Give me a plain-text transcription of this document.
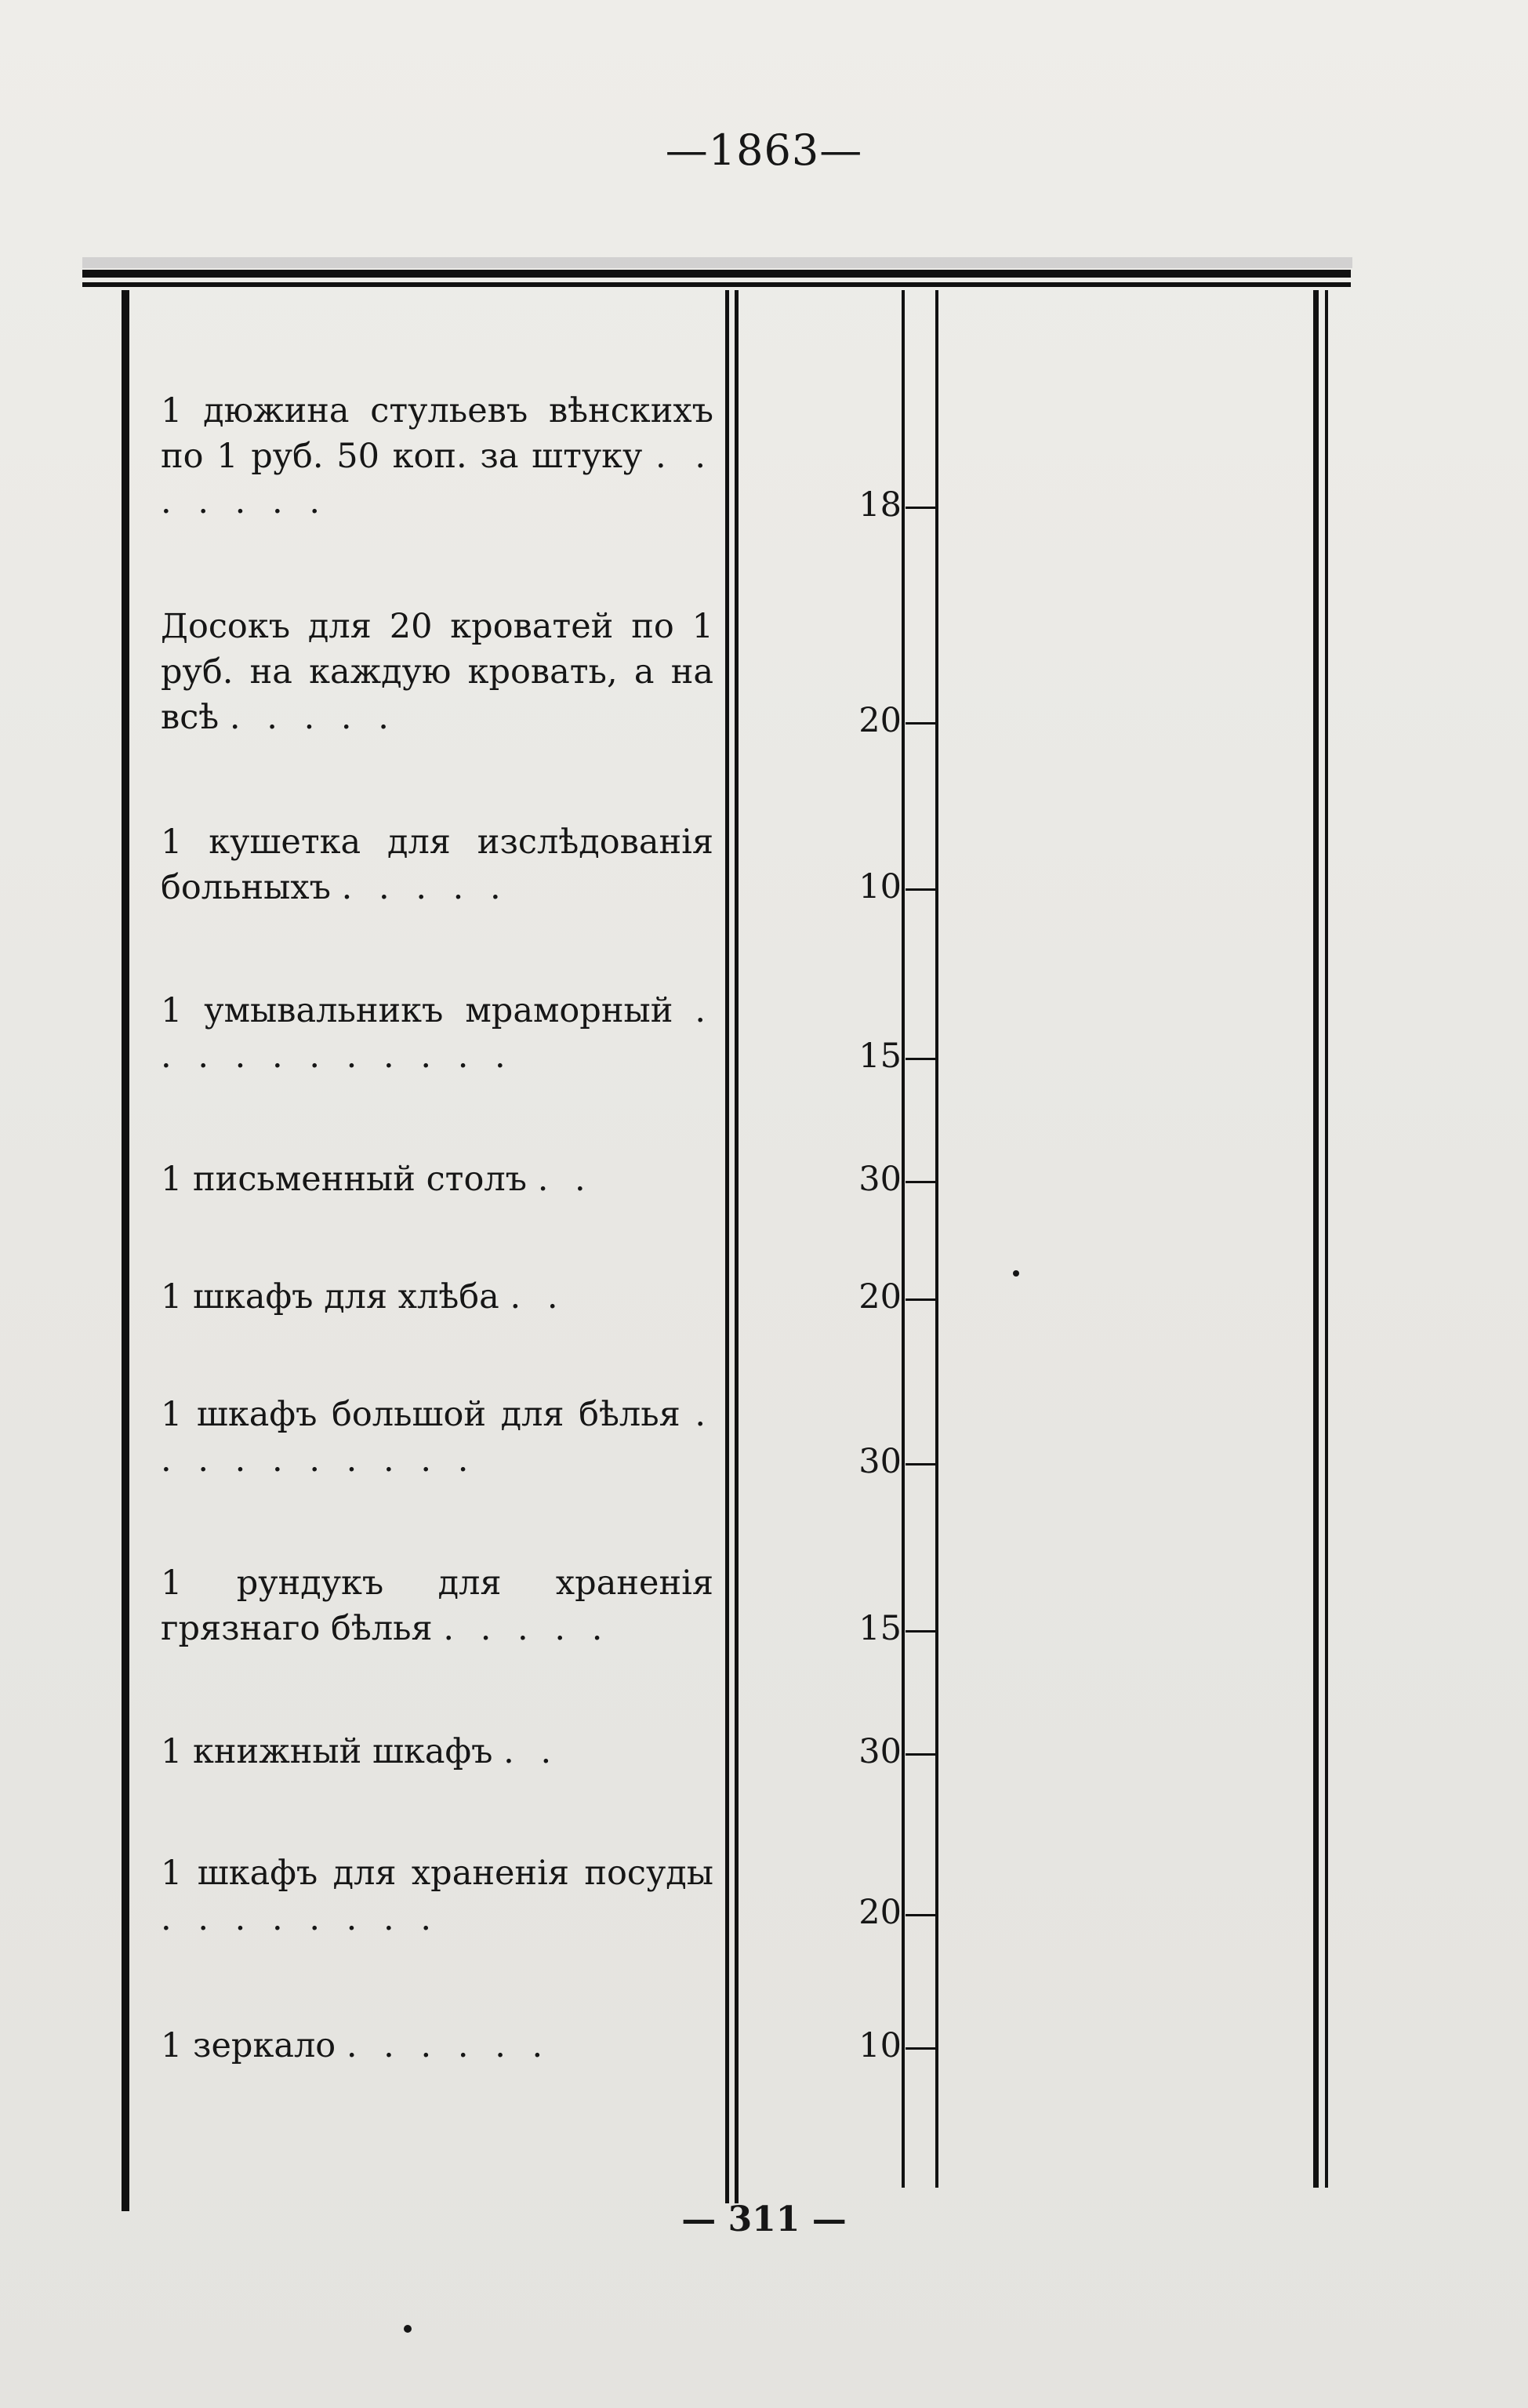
—1863—
1 дюжина стульевъ вѣнскихъ по 1 руб. 50 коп. за штуку . . . . . . .	18
Досокъ для 20 кроватей по 1 руб. на каждую кровать, а на всѣ . . . . .	20
1 кушетка для изслѣдованія больныхъ . . . . .	10
1 умывальникъ мраморный . . . . . . . . . . .	15
1 письменный столъ . .	30
1 шкафъ для хлѣба . .	20
1 шкафъ большой для бѣлья . . . . . . . . . .	30
1 рундукъ для храненія грязнаго бѣлья . . . . .	15
1 книжный шкафъ . .	30
1 шкафъ для храненія посуды . . . . . . . .	20
1 зеркало . . . . . .	10
— 311 —
